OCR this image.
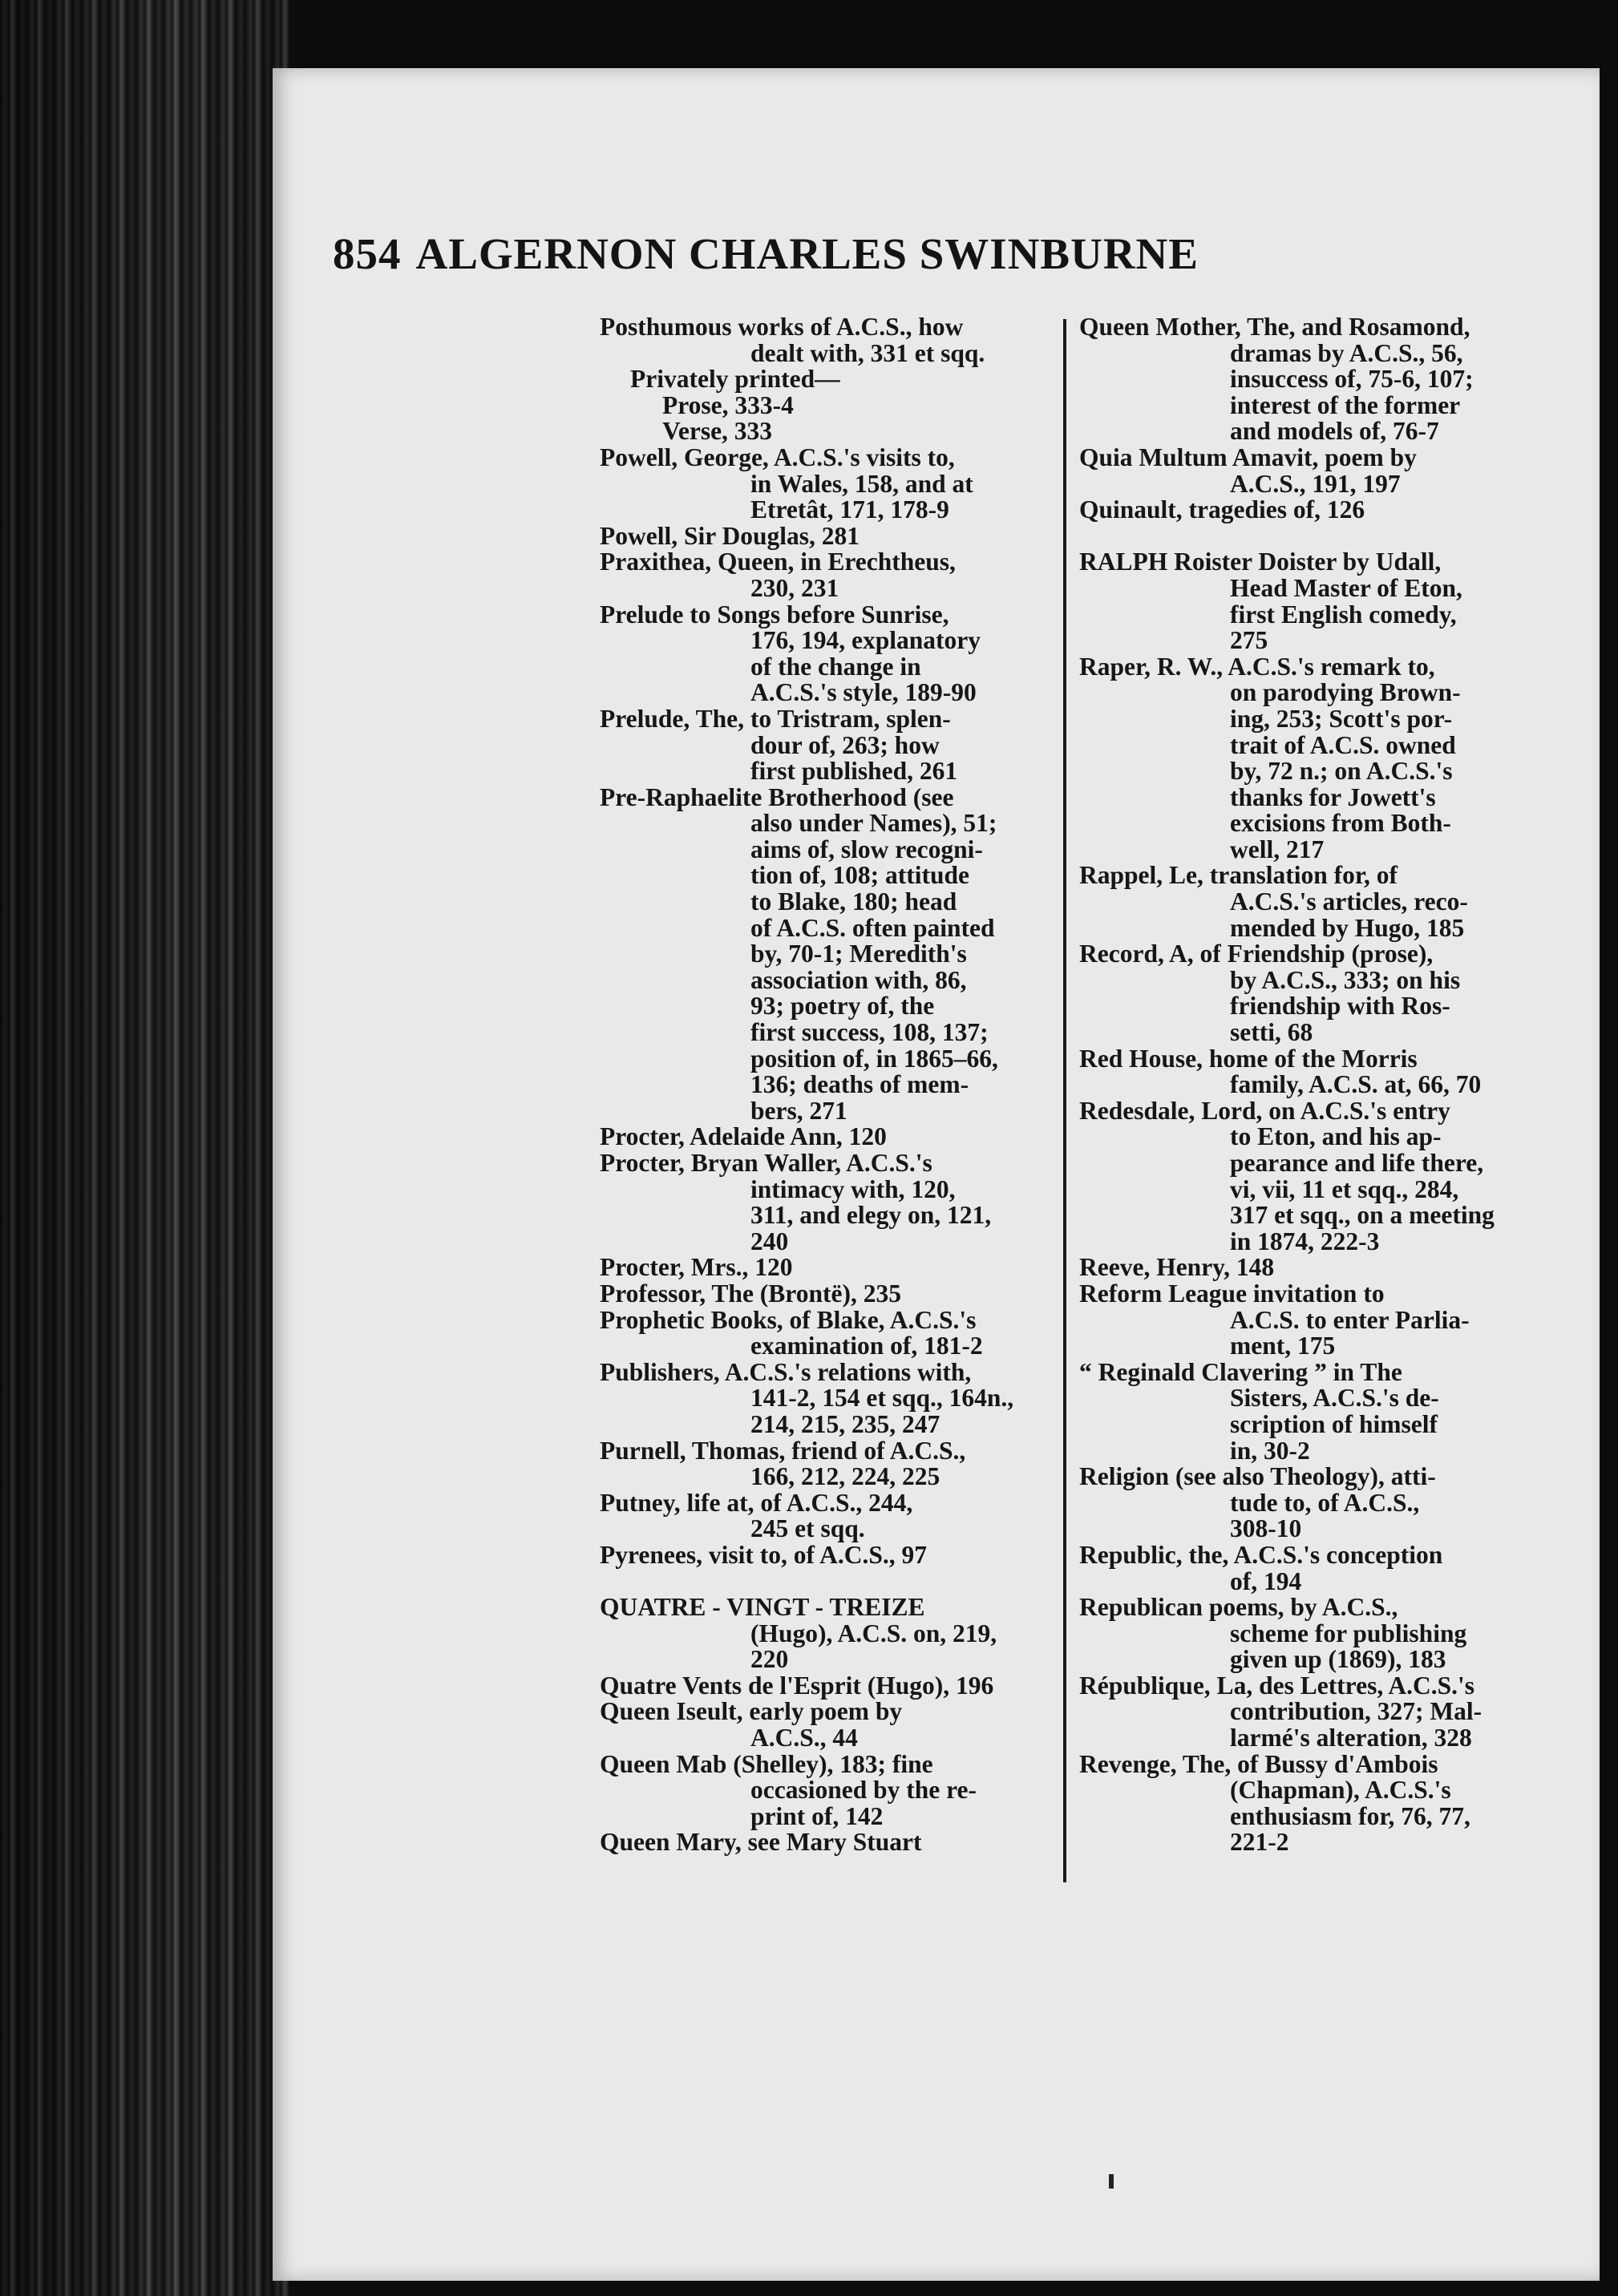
854 ALGERNON CHARLES SWINBURNE
Posthumous works of A.C.S., how
dealt with, 331 et sqq.
Privately printed—
Prose, 333-4
Verse, 333
Powell, George, A.C.S.'s visits to,
in Wales, 158, and at
Etretât, 171, 178-9
Powell, Sir Douglas, 281
Praxithea, Queen, in Erechtheus,
230, 231
Prelude to Songs before Sunrise,
176, 194, explanatory
of the change in
A.C.S.'s style, 189-90
Prelude, The, to Tristram, splen-
dour of, 263; how
first published, 261
Pre-Raphaelite Brotherhood (see
also under Names), 51;
aims of, slow recogni-
tion of, 108; attitude
to Blake, 180; head
of A.C.S. often painted
by, 70-1; Meredith's
association with, 86,
93; poetry of, the
first success, 108, 137;
position of, in 1865–66,
136; deaths of mem-
bers, 271
Procter, Adelaide Ann, 120
Procter, Bryan Waller, A.C.S.'s
intimacy with, 120,
311, and elegy on, 121,
240
Procter, Mrs., 120
Professor, The (Brontë), 235
Prophetic Books, of Blake, A.C.S.'s
examination of, 181-2
Publishers, A.C.S.'s relations with,
141-2, 154 et sqq., 164n.,
214, 215, 235, 247
Purnell, Thomas, friend of A.C.S.,
166, 212, 224, 225
Putney, life at, of A.C.S., 244,
245 et sqq.
Pyrenees, visit to, of A.C.S., 97
QUATRE - VINGT - TREIZE
(Hugo), A.C.S. on, 219,
220
Quatre Vents de l'Esprit (Hugo), 196
Queen Iseult, early poem by
A.C.S., 44
Queen Mab (Shelley), 183; fine
occasioned by the re-
print of, 142
Queen Mary, see Mary Stuart
Queen Mother, The, and Rosamond,
dramas by A.C.S., 56,
insuccess of, 75-6, 107;
interest of the former
and models of, 76-7
Quia Multum Amavit, poem by
A.C.S., 191, 197
Quinault, tragedies of, 126
RALPH Roister Doister by Udall,
Head Master of Eton,
first English comedy,
275
Raper, R. W., A.C.S.'s remark to,
on parodying Brown-
ing, 253; Scott's por-
trait of A.C.S. owned
by, 72 n.; on A.C.S.'s
thanks for Jowett's
excisions from Both-
well, 217
Rappel, Le, translation for, of
A.C.S.'s articles, reco-
mended by Hugo, 185
Record, A, of Friendship (prose),
by A.C.S., 333; on his
friendship with Ros-
setti, 68
Red House, home of the Morris
family, A.C.S. at, 66, 70
Redesdale, Lord, on A.C.S.'s entry
to Eton, and his ap-
pearance and life there,
vi, vii, 11 et sqq., 284,
317 et sqq., on a meeting
in 1874, 222-3
Reeve, Henry, 148
Reform League invitation to
A.C.S. to enter Parlia-
ment, 175
“ Reginald Clavering ” in The
Sisters, A.C.S.'s de-
scription of himself
in, 30-2
Religion (see also Theology), atti-
tude to, of A.C.S.,
308-10
Republic, the, A.C.S.'s conception
of, 194
Republican poems, by A.C.S.,
scheme for publishing
given up (1869), 183
République, La, des Lettres, A.C.S.'s
contribution, 327; Mal-
larmé's alteration, 328
Revenge, The, of Bussy d'Ambois
(Chapman), A.C.S.'s
enthusiasm for, 76, 77,
221-2
